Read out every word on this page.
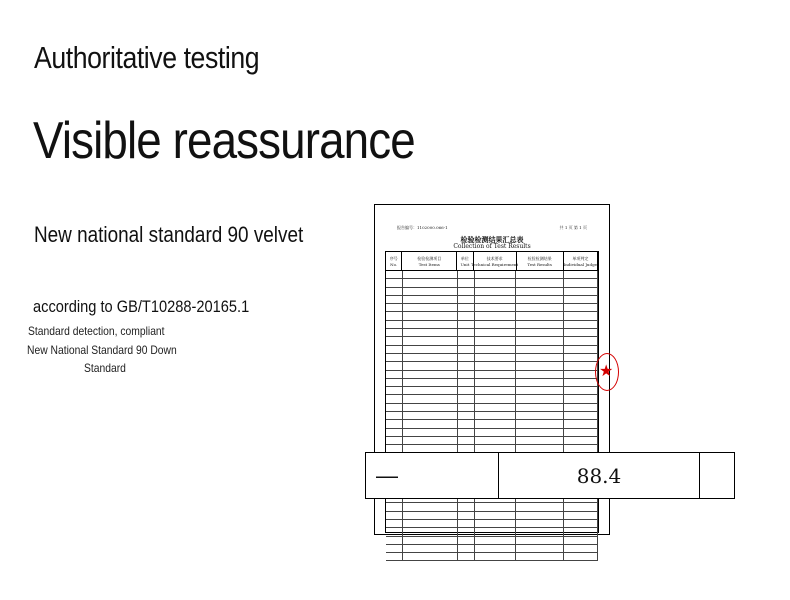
Authoritative testing
Visible reassurance
New national standard 90 velvet
according to GB/T10288-20165.1
Standard detection, compliant
New National Standard 90 Down
Standard
报告编号：1102000.066-1	共 1 页 第 1 页
检验检测结果汇总表
Collection of Test Results
序号
No.
检验检测项目
Test Items
单位
Unit
技术要求
Technical Requirement
检验检测结果
Test Results
单项判定
Individual Judge
★
—	88.4
